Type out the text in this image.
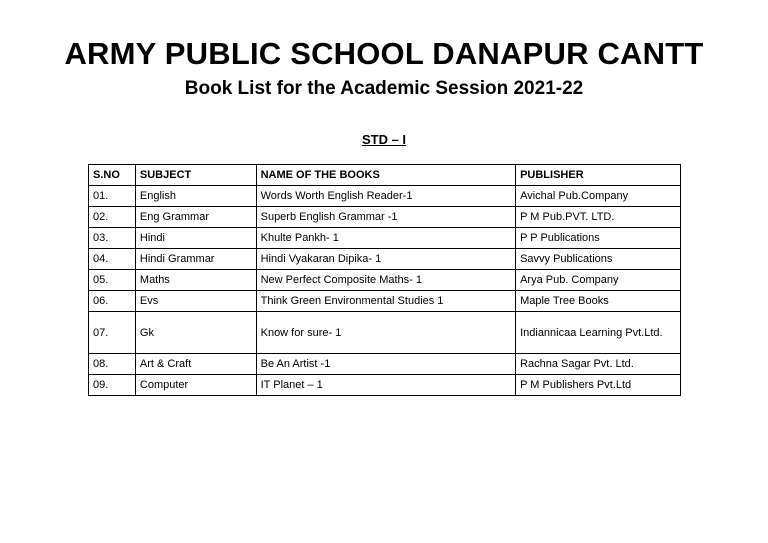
ARMY PUBLIC SCHOOL DANAPUR CANTT
Book List for the Academic Session 2021-22
STD – I
S.NO	SUBJECT	NAME OF THE BOOKS	PUBLISHER
01.	English	Words Worth English Reader-1	Avichal Pub.Company
02.	Eng Grammar	Superb English Grammar -1	P M Pub.PVT. LTD.
03.	Hindi	Khulte Pankh- 1	P P Publications
04.	Hindi Grammar	Hindi Vyakaran Dipika- 1	Savvy Publications
05.	Maths	New Perfect Composite Maths- 1	Arya Pub. Company
06.	Evs	Think Green Environmental Studies 1	Maple Tree Books
07.	Gk	Know for sure- 1	Indiannicaa Learning Pvt.Ltd.
08.	Art & Craft	Be An Artist -1	Rachna Sagar Pvt. Ltd.
09.	Computer	IT Planet – 1	P M Publishers Pvt.Ltd
